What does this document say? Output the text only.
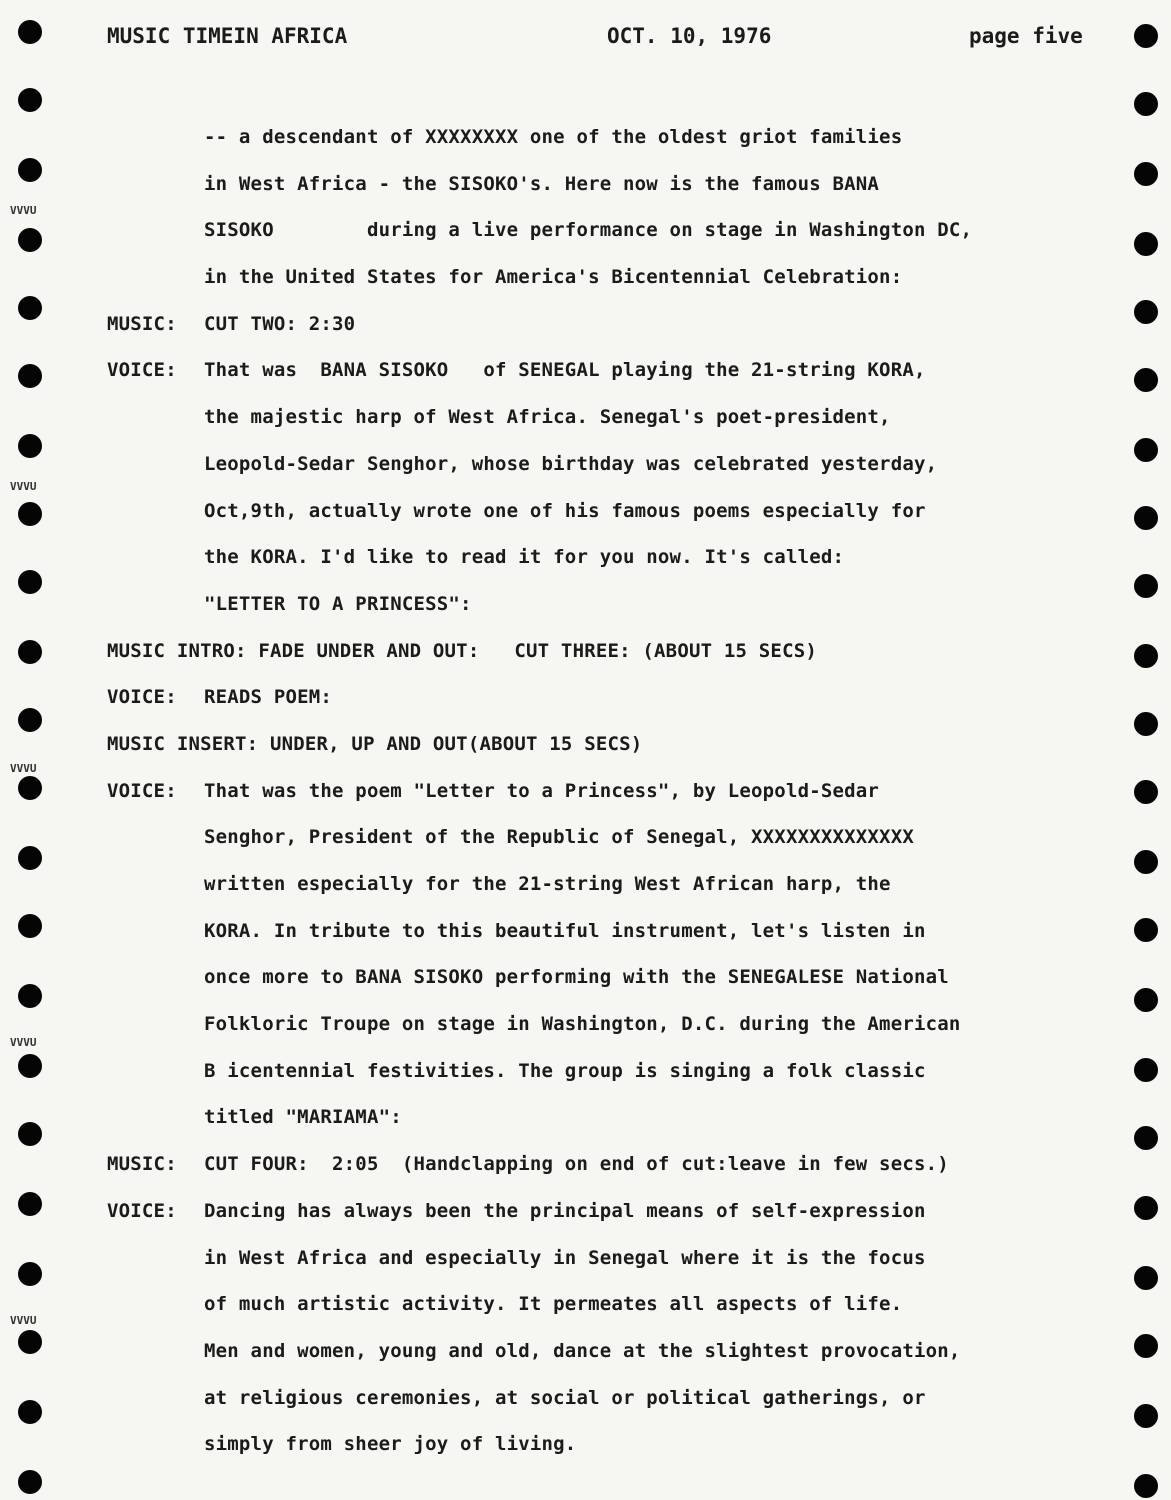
MUSIC TIMEIN AFRICA	OCT. 10, 1976	page five
-- a descendant of XXXXXXXX one of the oldest griot families
in West Africa - the SISOKO's. Here now is the famous BANA
SISOKO        during a live performance on stage in Washington DC,
in the United States for America's Bicentennial Celebration:
MUSIC: CUT TWO: 2:30
VOICE: That was  BANA SISOKO   of SENEGAL playing the 21-string KORA,
the majestic harp of West Africa. Senegal's poet-president,
Leopold-Sedar Senghor, whose birthday was celebrated yesterday,
Oct,9th, actually wrote one of his famous poems especially for
the KORA. I'd like to read it for you now. It's called:
"LETTER TO A PRINCESS":
MUSIC INTRO: FADE UNDER AND OUT:   CUT THREE: (ABOUT 15 SECS)
VOICE: READS POEM:
MUSIC INSERT: UNDER, UP AND OUT(ABOUT 15 SECS)
VOICE: That was the poem "Letter to a Princess", by Leopold-Sedar
Senghor, President of the Republic of Senegal, XXXXXXXXXXXXXX
written especially for the 21-string West African harp, the
KORA. In tribute to this beautiful instrument, let's listen in
once more to BANA SISOKO performing with the SENEGALESE National
Folkloric Troupe on stage in Washington, D.C. during the American
B icentennial festivities. The group is singing a folk classic
titled "MARIAMA":
MUSIC: CUT FOUR:  2:05  (Handclapping on end of cut:leave in few secs.)
VOICE: Dancing has always been the principal means of self-expression
in West Africa and especially in Senegal where it is the focus
of much artistic activity. It permeates all aspects of life.
Men and women, young and old, dance at the slightest provocation,
at religious ceremonies, at social or political gatherings, or
simply from sheer joy of living.
VVVU
VVVU
VVVU
VVVU
VVVU
